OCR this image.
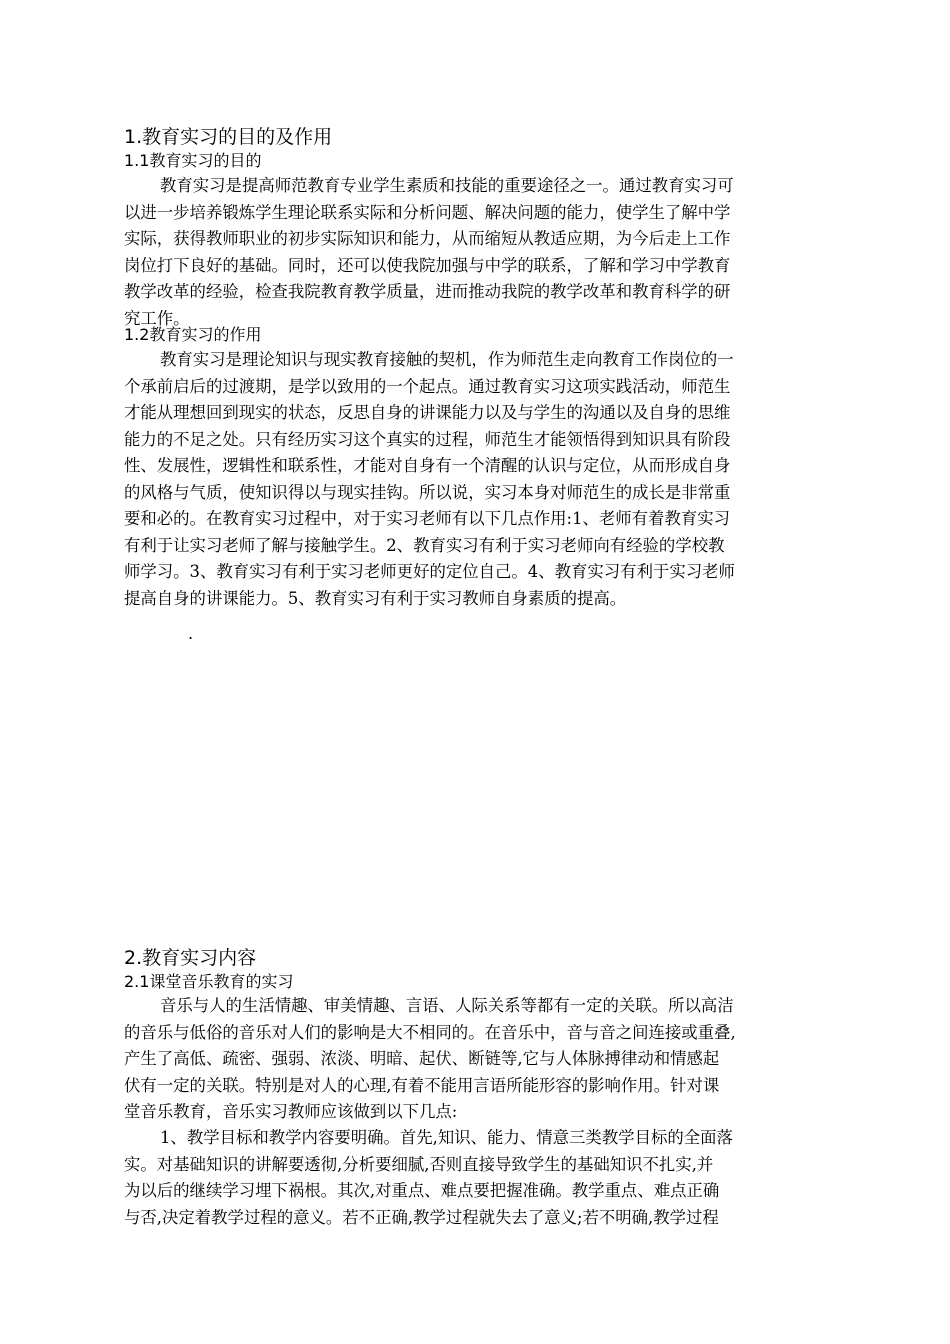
1.教育实习的目的及作用
1.1教育实习的目的
教育实习是提高师范教育专业学生素质和技能的重要途径之一。通过教育实习可
以进一步培养锻炼学生理论联系实际和分析问题、解决问题的能力，使学生了解中学
实际，获得教师职业的初步实际知识和能力，从而缩短从教适应期，为今后走上工作
岗位打下良好的基础。同时，还可以使我院加强与中学的联系，了解和学习中学教育
教学改革的经验，检查我院教育教学质量，进而推动我院的教学改革和教育科学的研
究工作。
1.2教育实习的作用
教育实习是理论知识与现实教育接触的契机，作为师范生走向教育工作岗位的一
个承前启后的过渡期，是学以致用的一个起点。通过教育实习这项实践活动，师范生
才能从理想回到现实的状态，反思自身的讲课能力以及与学生的沟通以及自身的思维
能力的不足之处。只有经历实习这个真实的过程，师范生才能领悟得到知识具有阶段
性、发展性，逻辑性和联系性，才能对自身有一个清醒的认识与定位，从而形成自身
的风格与气质，使知识得以与现实挂钩。所以说，实习本身对师范生的成长是非常重
要和必的。在教育实习过程中，对于实习老师有以下几点作用:1、老师有着教育实习
有利于让实习老师了解与接触学生。2、教育实习有利于实习老师向有经验的学校教
师学习。3、教育实习有利于实习老师更好的定位自己。4、教育实习有利于实习老师
提高自身的讲课能力。5、教育实习有利于实习教师自身素质的提高。
.
2.教育实习内容
2.1课堂音乐教育的实习
音乐与人的生活情趣、审美情趣、言语、人际关系等都有一定的关联。所以高洁
的音乐与低俗的音乐对人们的影响是大不相同的。在音乐中，音与音之间连接或重叠,
产生了高低、疏密、强弱、浓淡、明暗、起伏、断链等,它与人体脉搏律动和情感起
伏有一定的关联。特别是对人的心理,有着不能用言语所能形容的影响作用。针对课
堂音乐教育，音乐实习教师应该做到以下几点:
1、教学目标和教学内容要明确。首先,知识、能力、情意三类教学目标的全面落
实。对基础知识的讲解要透彻,分析要细腻,否则直接导致学生的基础知识不扎实,并
为以后的继续学习埋下祸根。其次,对重点、难点要把握准确。教学重点、难点正确
与否,决定着教学过程的意义。若不正确,教学过程就失去了意义;若不明确,教学过程
